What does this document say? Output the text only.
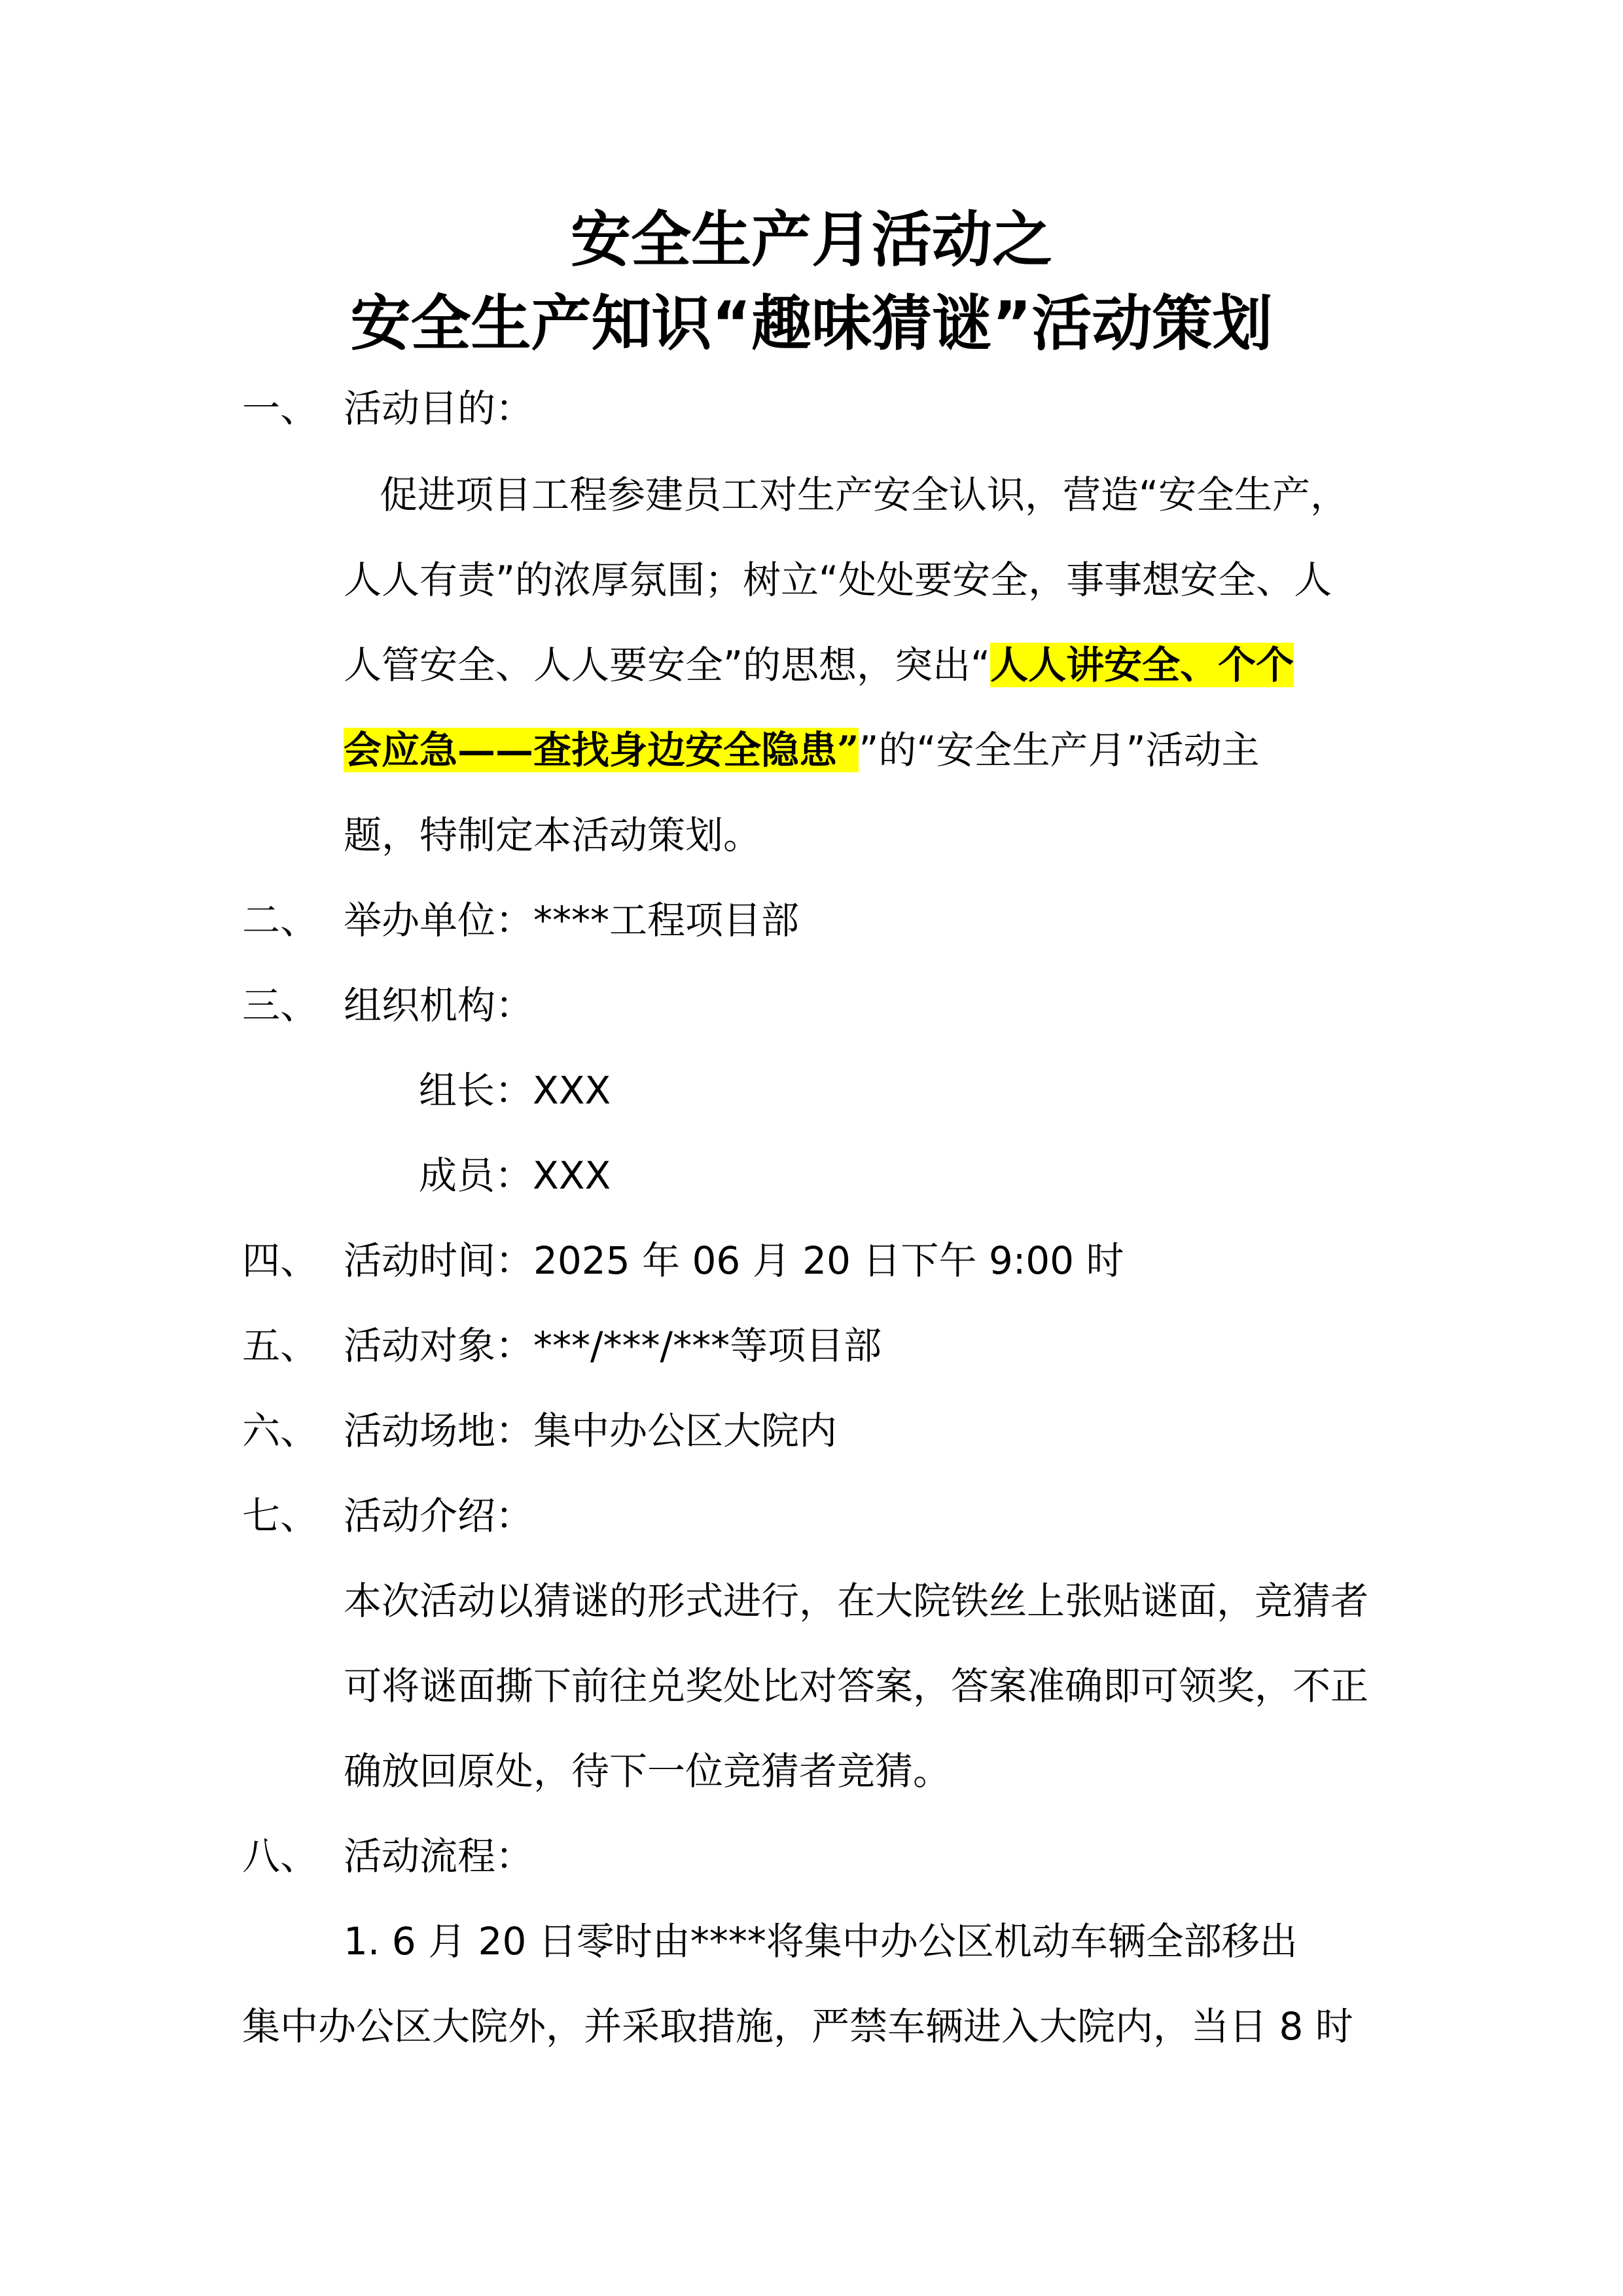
安全生产月活动之
安全生产知识“趣味猜谜”活动策划
一、 活动目的：
促进项目工程参建员工对生产安全认识，营造“安全生产，
人人有责”的浓厚氛围；树立“处处要安全，事事想安全、人
人管安全、人人要安全”的思想，突出“人人讲安全、个个
会应急——查找身边安全隐患””的“安全生产月”活动主
题，特制定本活动策划。
二、 举办单位：****工程项目部
三、 组织机构：
组长：XXX
成员：XXX
四、 活动时间：2025 年 06 月 20 日下午 9:00 时
五、 活动对象：***/***/***等项目部
六、 活动场地：集中办公区大院内
七、 活动介绍：
本次活动以猜谜的形式进行，在大院铁丝上张贴谜面，竞猜者
可将谜面撕下前往兑奖处比对答案，答案准确即可领奖，不正
确放回原处，待下一位竞猜者竞猜。
八、 活动流程：
1. 6 月 20 日零时由****将集中办公区机动车辆全部移出
集中办公区大院外，并采取措施，严禁车辆进入大院内，当日 8 时
